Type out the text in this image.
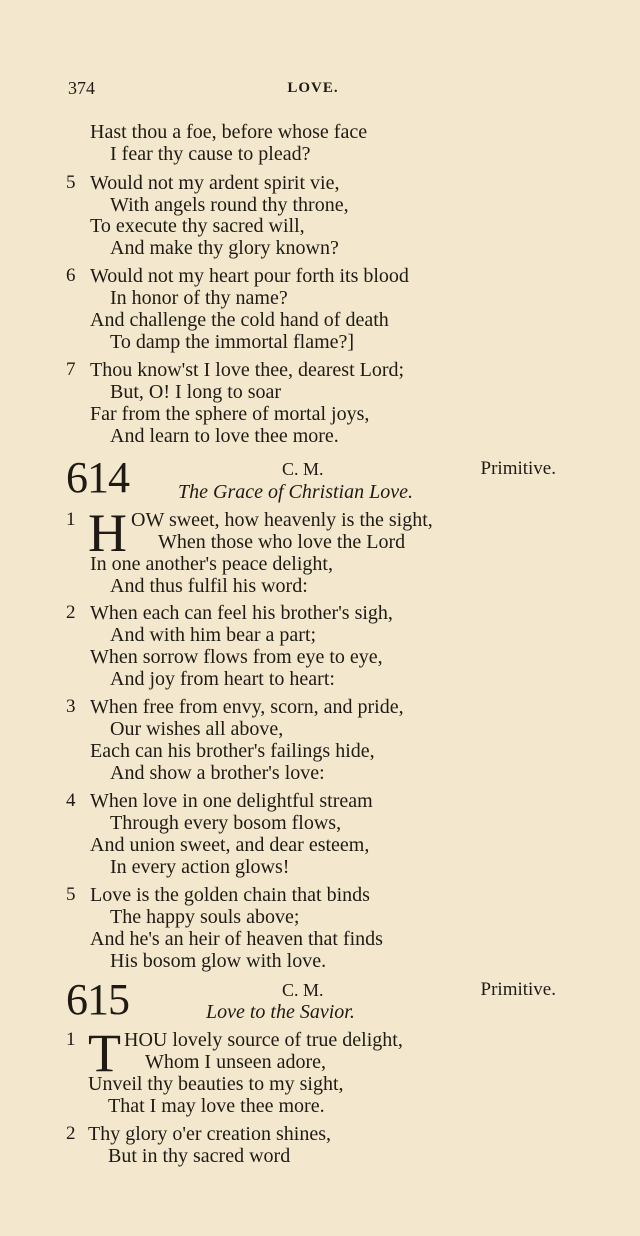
374	LOVE.
Hast thou a foe, before whose face
I fear thy cause to plead?
5 Would not my ardent spirit vie,
With angels round thy throne,
To execute thy sacred will,
And make thy glory known?
6 Would not my heart pour forth its blood
In honor of thy name?
And challenge the cold hand of death
To damp the immortal flame?]
7 Thou know'st I love thee, dearest Lord;
But, O! I long to soar
Far from the sphere of mortal joys,
And learn to love thee more.
614	C. M.	Primitive.
The Grace of Christian Love.
1 H OW sweet, how heavenly is the sight,
When those who love the Lord
In one another's peace delight,
And thus fulfil his word:
2 When each can feel his brother's sigh,
And with him bear a part;
When sorrow flows from eye to eye,
And joy from heart to heart:
3 When free from envy, scorn, and pride,
Our wishes all above,
Each can his brother's failings hide,
And show a brother's love:
4 When love in one delightful stream
Through every bosom flows,
And union sweet, and dear esteem,
In every action glows!
5 Love is the golden chain that binds
The happy souls above;
And he's an heir of heaven that finds
His bosom glow with love.
615	C. M.	Primitive.
Love to the Savior.
1 T HOU lovely source of true delight,
Whom I unseen adore,
Unveil thy beauties to my sight,
That I may love thee more.
2 Thy glory o'er creation shines,
But in thy sacred word
